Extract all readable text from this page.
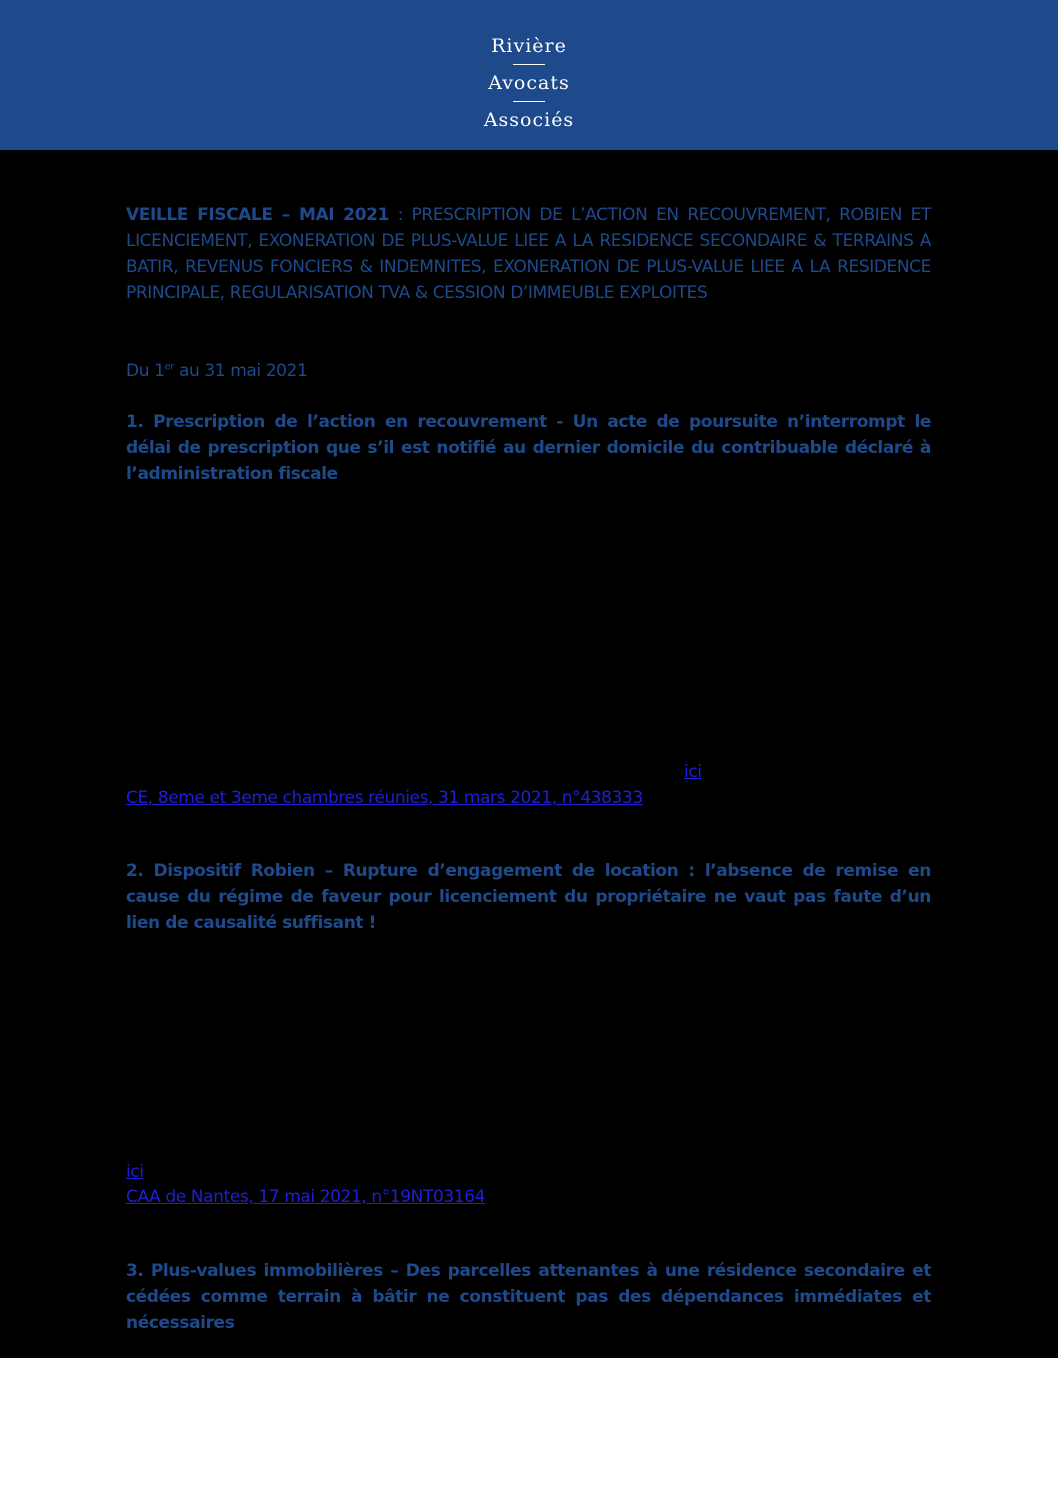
Rivière
Avocats
Associés
VEILLE FISCALE – MAI 2021 : PRESCRIPTION DE L’ACTION EN RECOUVREMENT, ROBIEN ET LICENCIEMENT, EXONERATION DE PLUS-VALUE LIEE A LA RESIDENCE SECONDAIRE & TERRAINS A BATIR, REVENUS FONCIERS & INDEMNITES, EXONERATION DE PLUS-VALUE LIEE A LA RESIDENCE PRINCIPALE, REGULARISATION TVA & CESSION D’IMMEUBLE EXPLOITES
Du 1er au 31 mai 2021
1. Prescription de l’action en recouvrement - Un acte de poursuite n’interrompt le délai de prescription que s’il est notifié au dernier domicile du contribuable déclaré à l’administration fiscale
ici
CE, 8eme et 3eme chambres réunies, 31 mars 2021, n°438333
2. Dispositif Robien – Rupture d’engagement de location : l’absence de remise en cause du régime de faveur pour licenciement du propriétaire ne vaut pas faute d’un lien de causalité suffisant !
ici
CAA de Nantes, 17 mai 2021, n°19NT03164
3. Plus-values immobilières – Des parcelles attenantes à une résidence secondaire et cédées comme terrain à bâtir ne constituent pas des dépendances immédiates et nécessaires
